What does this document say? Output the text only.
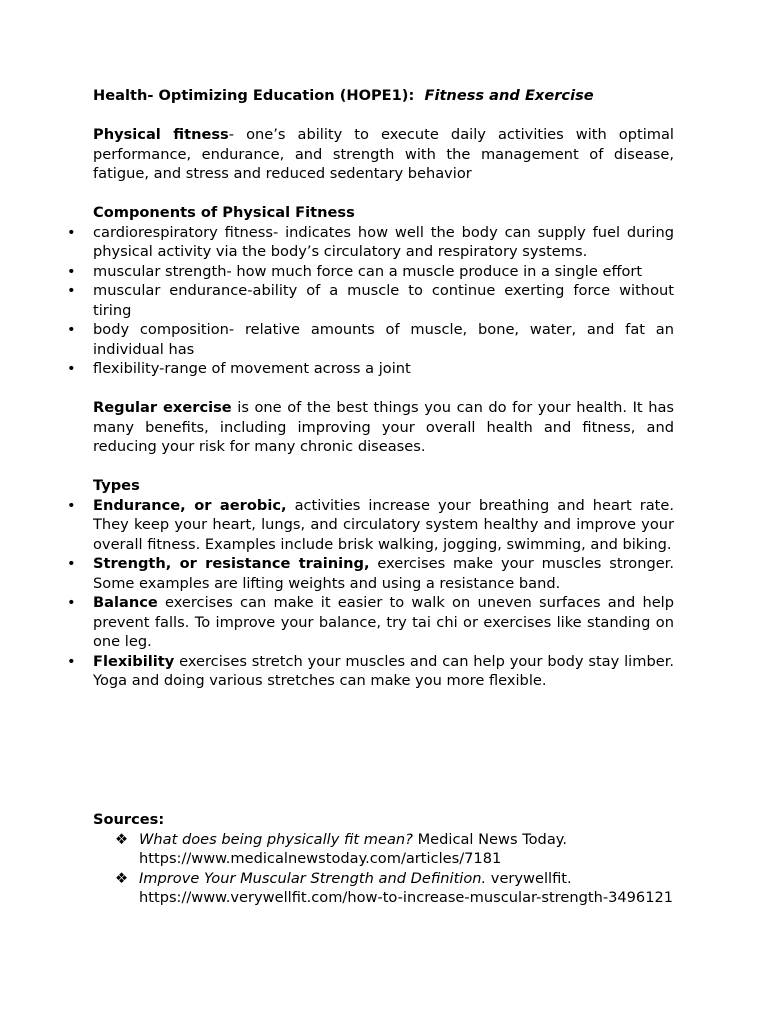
Health- Optimizing Education (HOPE1): Fitness and Exercise

Physical fitness- one’s ability to execute daily activities with optimal performance, endurance, and strength with the management of disease, fatigue, and stress and reduced sedentary behavior

Components of Physical Fitness

• cardiorespiratory fitness- indicates how well the body can supply fuel during physical activity via the body’s circulatory and respiratory systems.
• muscular strength- how much force can a muscle produce in a single effort
• muscular endurance-ability of a muscle to continue exerting force without tiring
• body composition- relative amounts of muscle, bone, water, and fat an individual has
• flexibility-range of movement across a joint

Regular exercise is one of the best things you can do for your health. It has many benefits, including improving your overall health and fitness, and reducing your risk for many chronic diseases.

Types

• Endurance, or aerobic, activities increase your breathing and heart rate. They keep your heart, lungs, and circulatory system healthy and improve your overall fitness. Examples include brisk walking, jogging, swimming, and biking.
• Strength, or resistance training, exercises make your muscles stronger. Some examples are lifting weights and using a resistance band.
• Balance exercises can make it easier to walk on uneven surfaces and help prevent falls. To improve your balance, try tai chi or exercises like standing on one leg.
• Flexibility exercises stretch your muscles and can help your body stay limber. Yoga and doing various stretches can make you more flexible.

Sources:

❖ What does being physically fit mean? Medical News Today.
https://www.medicalnewstoday.com/articles/7181
❖ Improve Your Muscular Strength and Definition. verywellfit.
https://www.verywellfit.com/how-to-increase-muscular-strength-3496121
